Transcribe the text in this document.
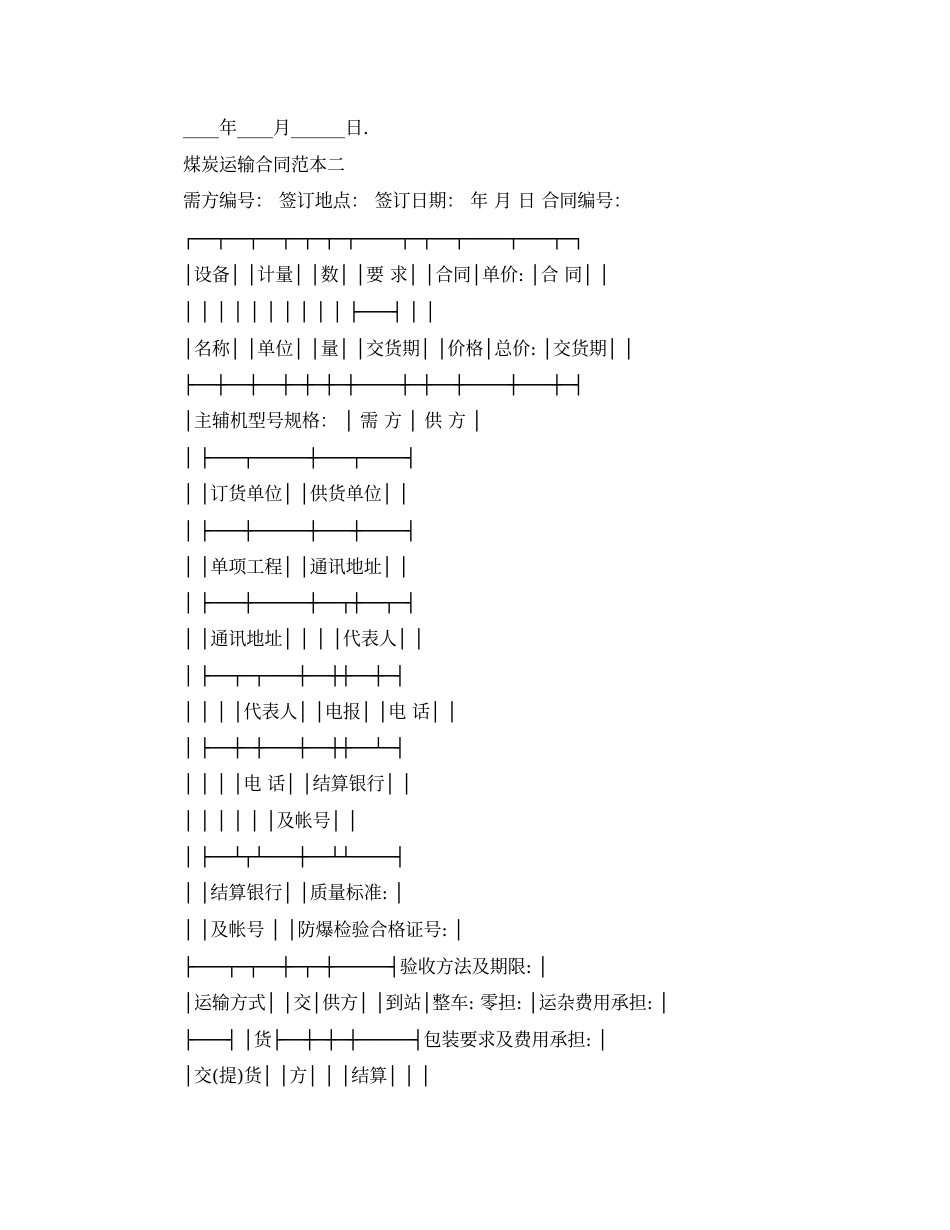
____年____月______日.
煤炭运输合同范本二
需方编号： 签订地点： 签订日期： 年 月 日 合同编号：
┌──┬──┬──┬─┬─┬─┬────┬─┬──┬────┬───┬─┐
│设备│ │计量│ │数│ │要 求│ │合同│单价: │合 同│ │
│ │ │ │ │ │ │ │ │ │ ├───┤ │ │
│名称│ │单位│ │量│ │交货期│ │价格│总价: │交货期│ │
├──┼──┼──┼─┼─┼─┼────┼─┼──┼────┼───┼─┤
│主辅机型号规格： │ 需 方 │ 供 方 │
│ ├───┬─────┼───┬────┤
│ │订货单位│ │供货单位│ │
│ ├───┼─────┼───┼────┤
│ │单项工程│ │通讯地址│ │
│ ├───┼─────┼──┬┼──┬─┤
│ │通讯地址│ │ │ │代表人│ │
│ ├──┬─┬───┼──┼┼──┼─┤
│ │ │ │代表人│ │电报│ │电 话│ │
│ ├──┼─┼───┼──┼┼──┴─┤
│ │ │ │电 话│ │结算银行│ │
│ │ │ │ │ │及帐号│ │
│ ├──┴┬┴───┼──┴┴────┤
│ │结算银行│ │质量标准: │
│ │及帐号 │ │防爆检验合格证号: │
├───┬─┬──┼─┬─┼─────┤验收方法及期限: │
│运输方式│ │交│供方│ │到站│整车: 零担: │运杂费用承担: │
├───┤ │货├──┼─┼─┼─────┤包装要求及费用承担: │
│交(提)货│ │方│ │ │结算│ │ │
